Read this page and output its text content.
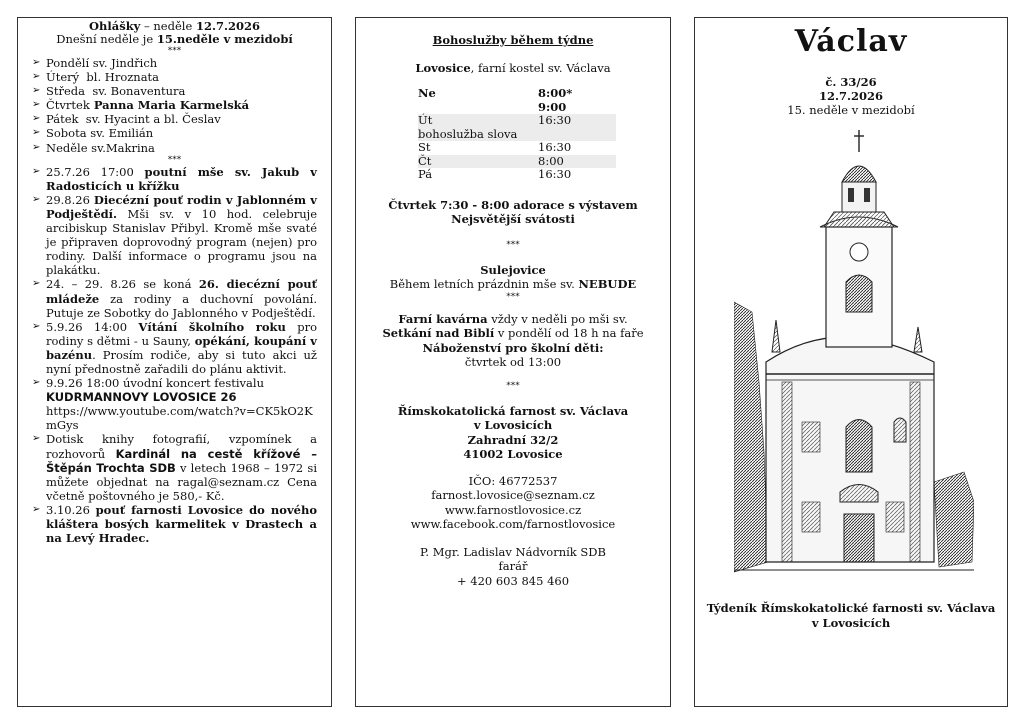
Ohlášky – neděle 12.7.2026
Dnešní neděle je 15.neděle v mezidobí
***
➢ Pondělí sv. Jindřich
➢ Úterý  bl. Hroznata
➢ Středa  sv. Bonaventura
➢ Čtvrtek Panna Maria Karmelská
➢ Pátek  sv. Hyacint a bl. Česlav
➢ Sobota sv. Emilián
➢ Neděle sv.Makrina
***
➢ 25.7.26 17:00 poutní mše sv. Jakub v Radosticích u křížku
➢ 29.8.26 Diecézní pouť rodin v Jablonném v Podještědí. Mši sv. v 10 hod. celebruje arcibiskup Stanislav Přibyl. Kromě mše svaté je připraven doprovodný program (nejen) pro rodiny. Další informace o programu jsou na plakátku.
➢ 24. – 29. 8.26 se koná 26. diecézní pouť mládeže za rodiny a duchovní povolání. Putuje ze Sobotky do Jablonného v Podještědí.
➢ 5.9.26 14:00 Vítání školního roku pro rodiny s dětmi - u Sauny, opékání, koupání v bazénu. Prosím rodiče, aby si tuto akci už nyní přednostně zařadili do plánu aktivit.
➢ 9.9.26 18:00 úvodní koncert festivalu
KUDRMANNOVY LOVOSICE 26
https://www.youtube.com/watch?v=CK5kO2KmGys
➢ Dotisk knihy fotografií, vzpomínek a rozhovorů Kardinál na cestě křížové – Štěpán Trochta SDB v letech 1968 – 1972 si můžete objednat na ragal@seznam.cz Cena včetně poštovného je 580,- Kč.
➢ 3.10.26 pouť farnosti Lovosice do nového kláštera bosých karmelitek v Drastech a na Levý Hradec.
Bohoslužby během týdne
Lovosice, farní kostel sv. Václava
Ne	8:00*
	9:00
Út	16:30
bohoslužba slova	
St	16:30
Čt	8:00
Pá	16:30
Čtvrtek 7:30 - 8:00 adorace s výstavem
Nejsvětější svátosti
***
Sulejovice
Během letních prázdnin mše sv. NEBUDE
***
Farní kavárna vždy v neděli po mši sv.
Setkání nad Biblí v pondělí od 18 h na faře
Náboženství pro školní děti:
čtvrtek od 13:00
***
Římskokatolická farnost sv. Václava
v Lovosicích
Zahradní 32/2
41002 Lovosice
IČO: 46772537
farnost.lovosice@seznam.cz
www.farnostlovosice.cz
www.facebook.com/farnostlovosice
P. Mgr. Ladislav Nádvorník SDB
farář
+ 420 603 845 460
Václav
č. 33/26
12.7.2026
15. neděle v mezidobí
Týdeník Římskokatolické farnosti sv. Václava
v Lovosicích
